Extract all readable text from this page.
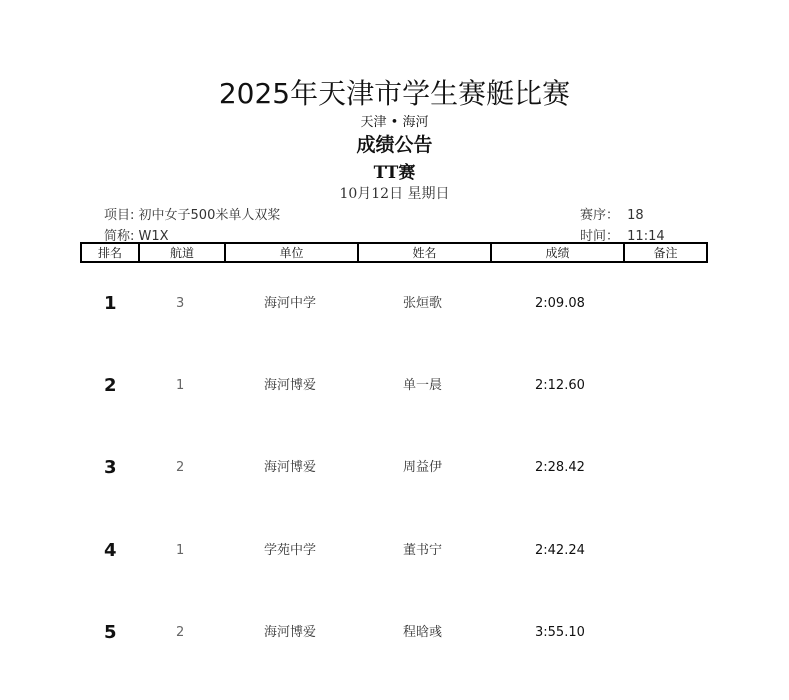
2025年天津市学生赛艇比赛
天津 • 海河
成绩公告
TT赛
10月12日 星期日
项目: 初中女子500米单人双桨
简称: W1X
赛序： 18
时间： 11:14
排名	航道	单位	姓名	成绩	备注
1	3	海河中学	张烜歌	2:09.08
2	1	海河博爱	单一晨	2:12.60
3	2	海河博爱	周益伊	2:28.42
4	1	学苑中学	董书宁	2:42.24
5	2	海河博爱	程晗彧	3:55.10
